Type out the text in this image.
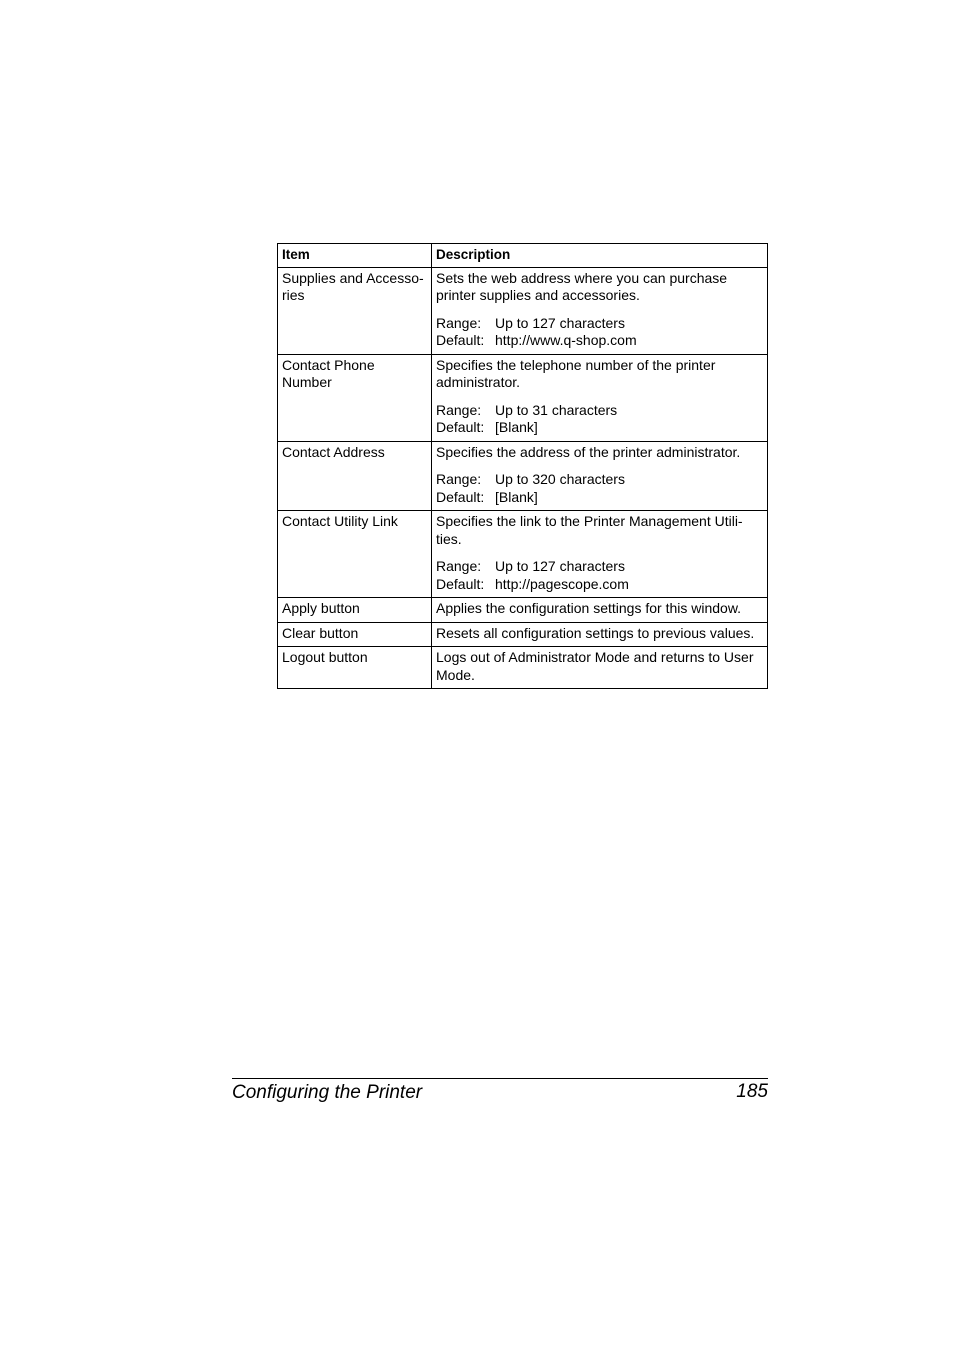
Item	Description
Supplies and Accesso-ries	Sets the web address where you can purchase printer supplies and accessories.

Range: Up to 127 characters
Default: http://www.q-shop.com

Contact Phone Number	Specifies the telephone number of the printer administrator.

Range: Up to 31 characters
Default: [Blank]

Contact Address	Specifies the address of the printer administrator.

Range: Up to 320 characters
Default: [Blank]

Contact Utility Link	Specifies the link to the Printer Management Utili-ties.

Range: Up to 127 characters
Default: http://pagescope.com

Apply button	Applies the configuration settings for this window.
Clear button	Resets all configuration settings to previous values.
Logout button	Logs out of Administrator Mode and returns to User Mode.
Configuring the Printer	185
